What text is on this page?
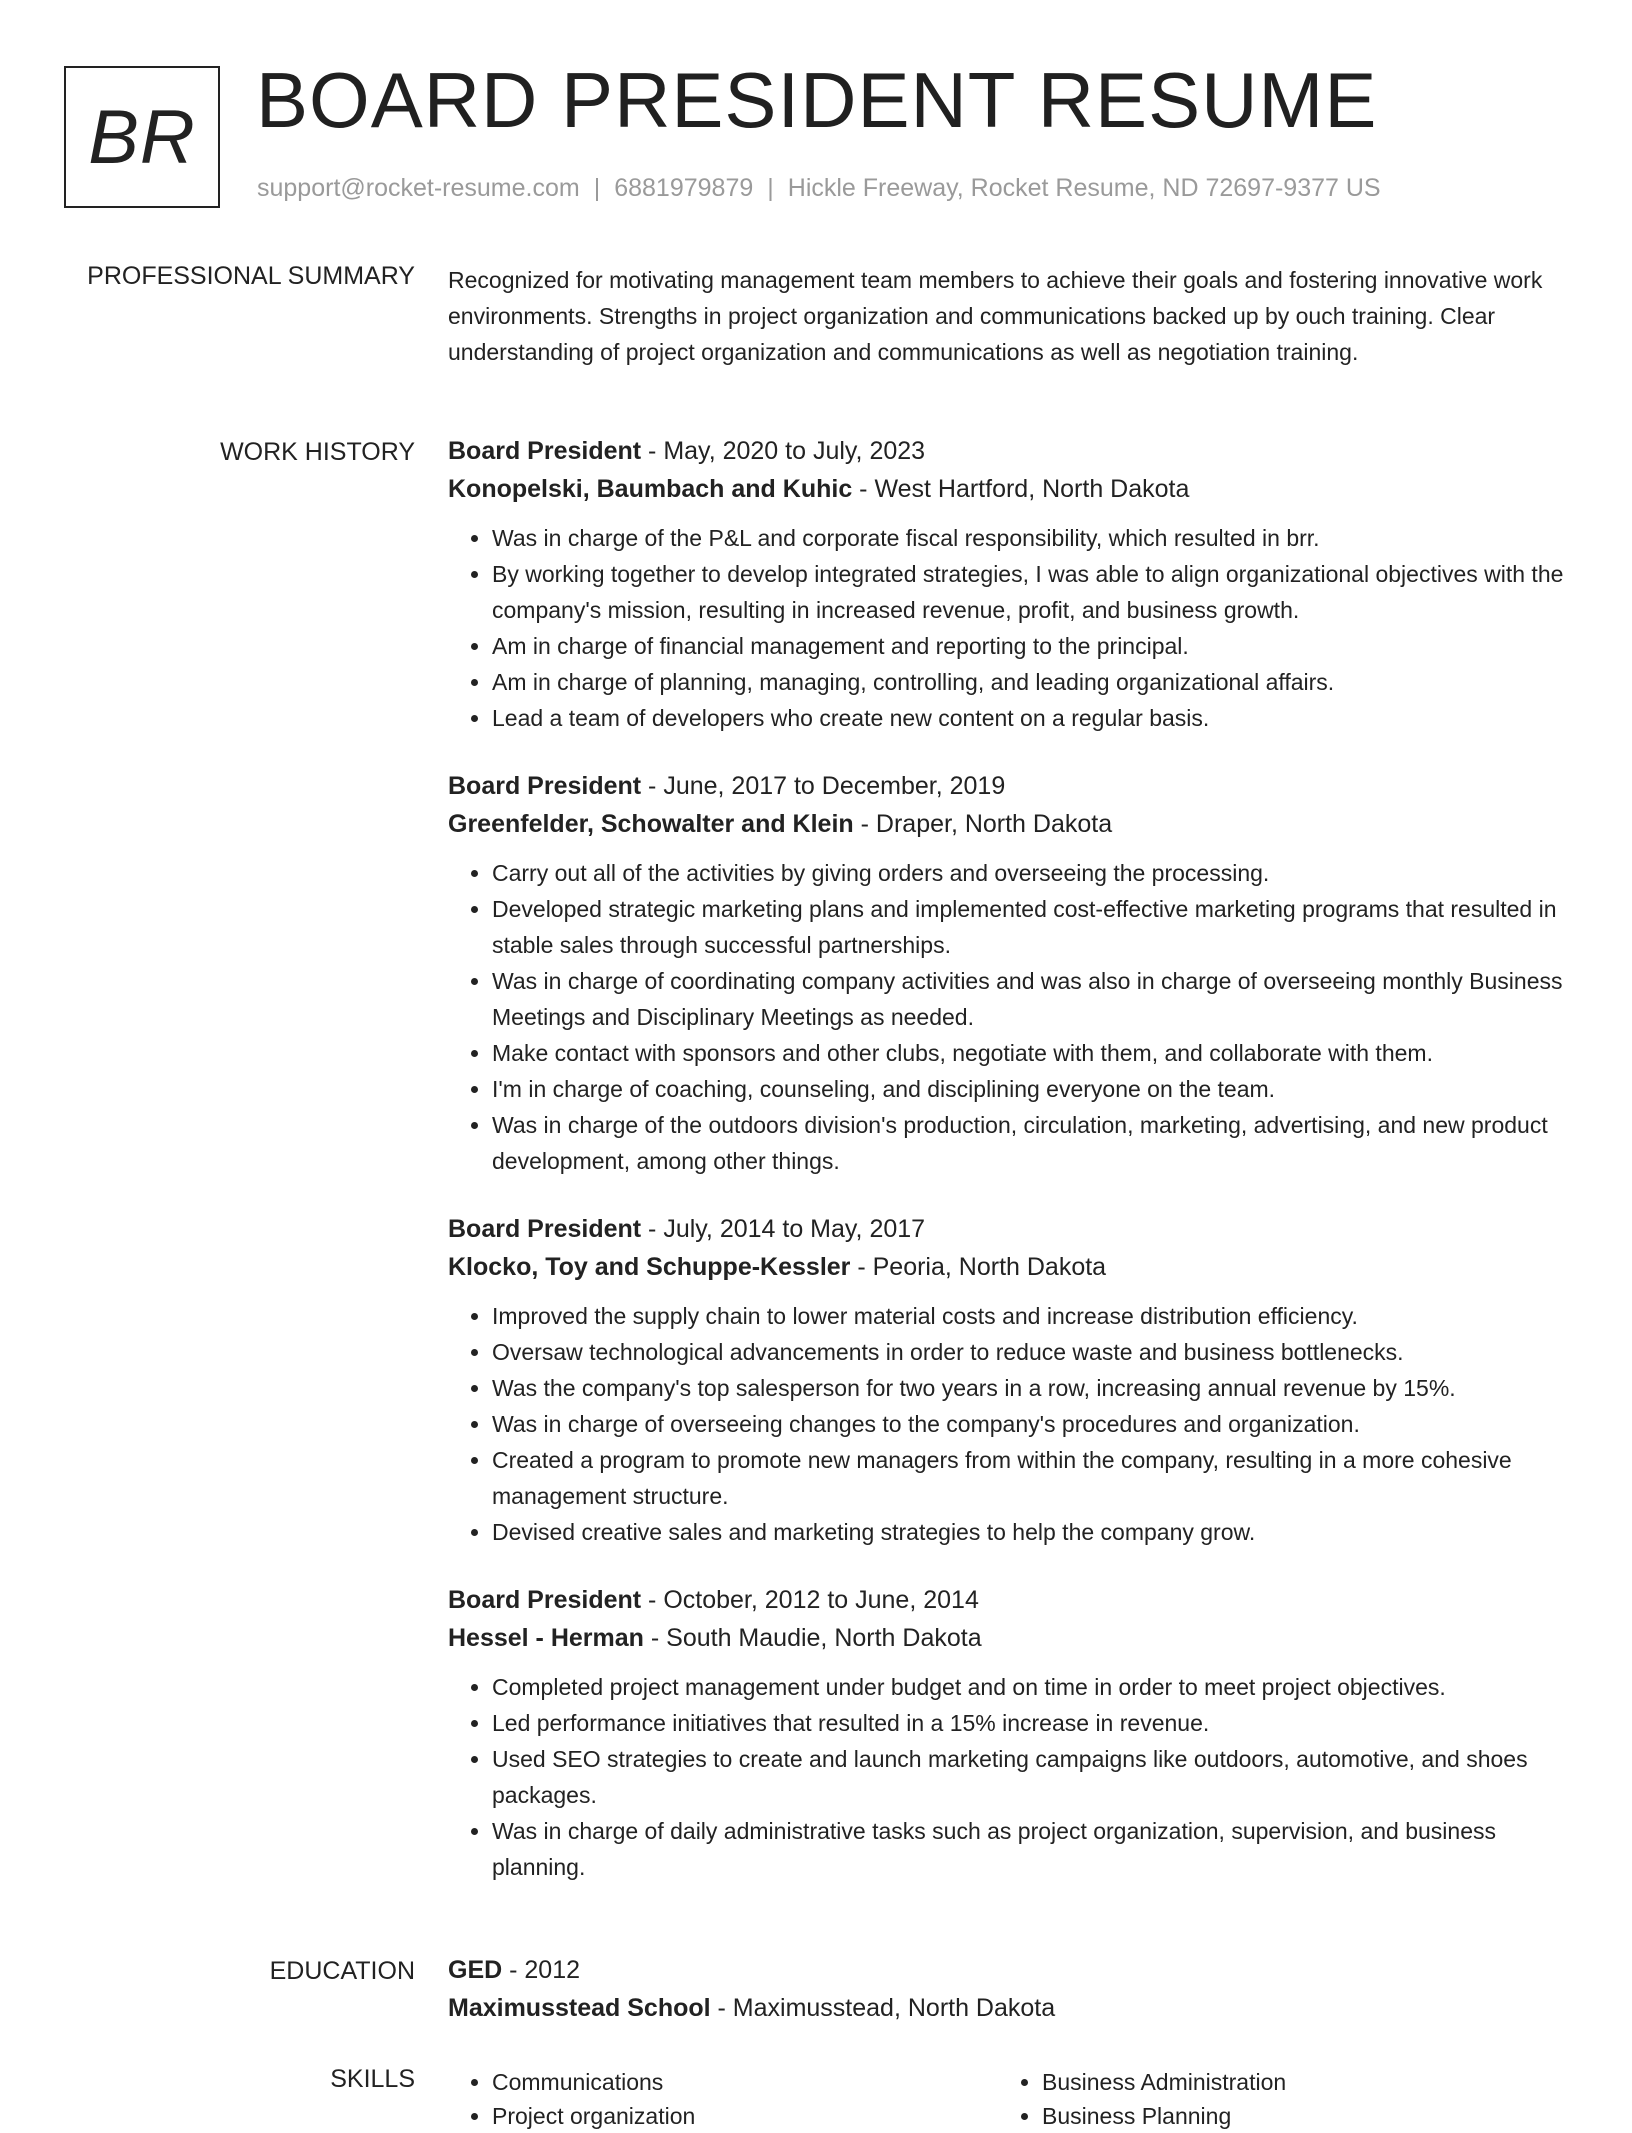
BR BOARD PRESIDENT RESUME
support@rocket-resume.com | 6881979879 | Hickle Freeway, Rocket Resume, ND 72697-9377 US
PROFESSIONAL SUMMARY Recognized for motivating management team members to achieve their goals and fostering innovative work environments. Strengths in project organization and communications backed up by ouch training. Clear understanding of project organization and communications as well as negotiation training.

WORK HISTORY Board President - May, 2020 to July, 2023
Konopelski, Baumbach and Kuhic - West Hartford, North Dakota
• Was in charge of the P&L and corporate fiscal responsibility, which resulted in brr.
• By working together to develop integrated strategies, I was able to align organizational objectives with the company's mission, resulting in increased revenue, profit, and business growth.
• Am in charge of financial management and reporting to the principal.
• Am in charge of planning, managing, controlling, and leading organizational affairs.
• Lead a team of developers who create new content on a regular basis.
Board President - June, 2017 to December, 2019
Greenfelder, Schowalter and Klein - Draper, North Dakota
• Carry out all of the activities by giving orders and overseeing the processing.
• Developed strategic marketing plans and implemented cost-effective marketing programs that resulted in stable sales through successful partnerships.
• Was in charge of coordinating company activities and was also in charge of overseeing monthly Business Meetings and Disciplinary Meetings as needed.
• Make contact with sponsors and other clubs, negotiate with them, and collaborate with them.
• I'm in charge of coaching, counseling, and disciplining everyone on the team.
• Was in charge of the outdoors division's production, circulation, marketing, advertising, and new product development, among other things.
Board President - July, 2014 to May, 2017
Klocko, Toy and Schuppe-Kessler - Peoria, North Dakota
• Improved the supply chain to lower material costs and increase distribution efficiency.
• Oversaw technological advancements in order to reduce waste and business bottlenecks.
• Was the company's top salesperson for two years in a row, increasing annual revenue by 15%.
• Was in charge of overseeing changes to the company's procedures and organization.
• Created a program to promote new managers from within the company, resulting in a more cohesive management structure.
• Devised creative sales and marketing strategies to help the company grow.
Board President - October, 2012 to June, 2014
Hessel - Herman - South Maudie, North Dakota
• Completed project management under budget and on time in order to meet project objectives.
• Led performance initiatives that resulted in a 15% increase in revenue.
• Used SEO strategies to create and launch marketing campaigns like outdoors, automotive, and shoes packages.
• Was in charge of daily administrative tasks such as project organization, supervision, and business planning.
EDUCATION GED - 2012
Maximusstead School - Maximusstead, North Dakota
SKILLS
•	Communications
• Project organization
• Business Administration
• Business Planning
